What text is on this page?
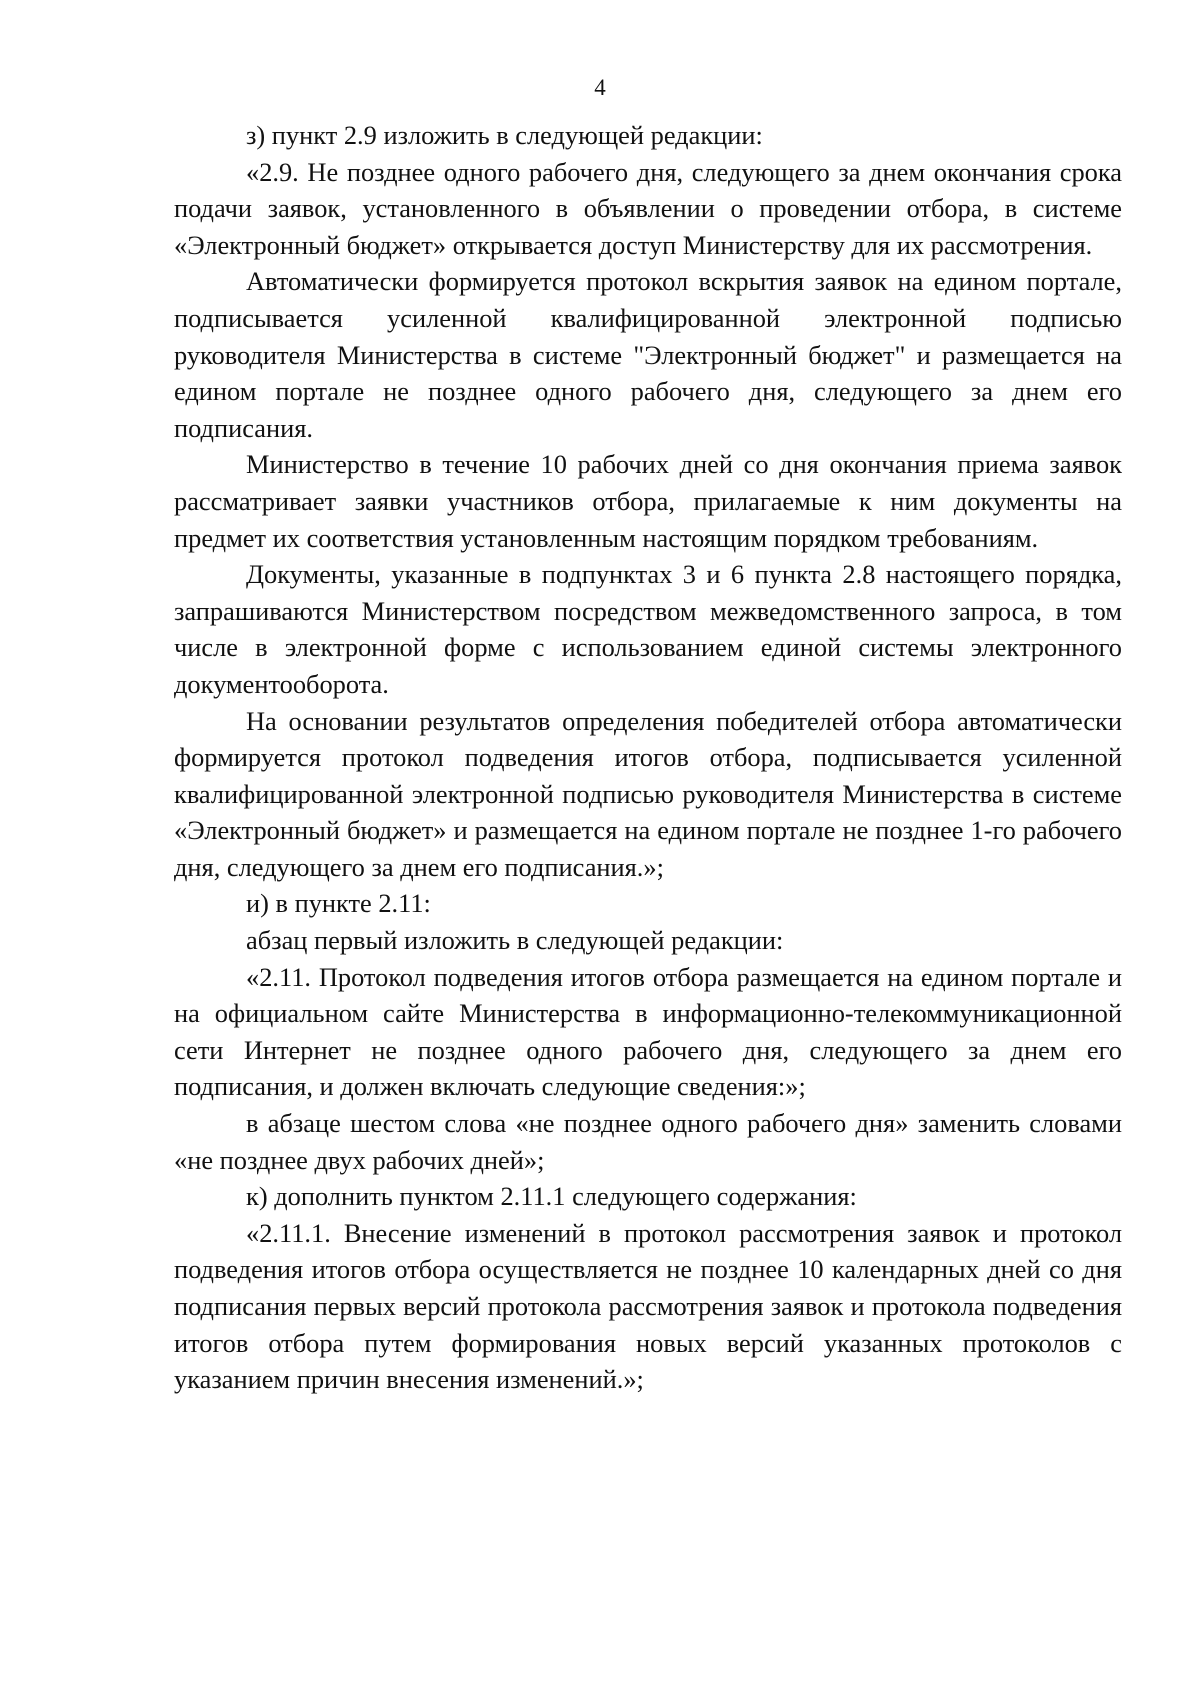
4

з) пункт 2.9 изложить в следующей редакции:

«2.9. Не позднее одного рабочего дня, следующего за днем окончания срока подачи заявок, установленного в объявлении о проведении отбора, в системе «Электронный бюджет» открывается доступ Министерству для их рассмотрения.

Автоматически формируется протокол вскрытия заявок на едином портале, подписывается усиленной квалифицированной электронной подписью руководителя Министерства в системе "Электронный бюджет" и размещается на едином портале не позднее одного рабочего дня, следующего за днем его подписания.

Министерство в течение 10 рабочих дней со дня окончания приема заявок рассматривает заявки участников отбора, прилагаемые к ним документы на предмет их соответствия установленным настоящим порядком требованиям.

Документы, указанные в подпунктах 3 и 6 пункта 2.8 настоящего порядка, запрашиваются Министерством посредством межведомственного запроса, в том числе в электронной форме с использованием единой системы электронного документооборота.

На основании результатов определения победителей отбора автоматически формируется протокол подведения итогов отбора, подписывается усиленной квалифицированной электронной подписью руководителя Министерства в системе «Электронный бюджет» и размещается на едином портале не позднее 1-го рабочего дня, следующего за днем его подписания.»;

и) в пункте 2.11:

абзац первый изложить в следующей редакции:

«2.11. Протокол подведения итогов отбора размещается на едином портале и на официальном сайте Министерства в информационно-телекоммуникационной сети Интернет не позднее одного рабочего дня, следующего за днем его подписания, и должен включать следующие сведения:»;

в абзаце шестом слова «не позднее одного рабочего дня» заменить словами «не позднее двух рабочих дней»;

к) дополнить пунктом 2.11.1 следующего содержания:

«2.11.1. Внесение изменений в протокол рассмотрения заявок и протокол подведения итогов отбора осуществляется не позднее 10 календарных дней со дня подписания первых версий протокола рассмотрения заявок и протокола подведения итогов отбора путем формирования новых версий указанных протоколов с указанием причин внесения изменений.»;
